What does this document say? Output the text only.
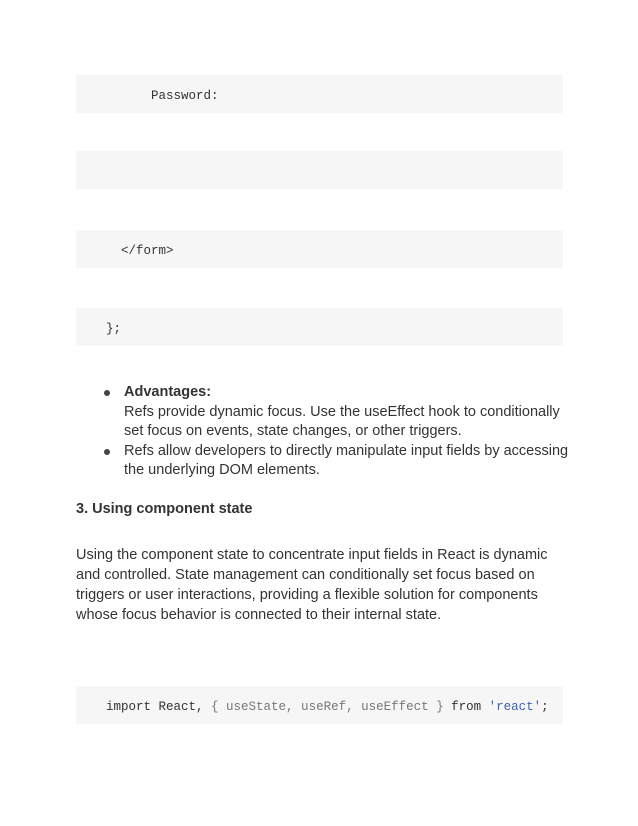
Password:

</form>

};

Advantages:
Refs provide dynamic focus. Use the useEffect hook to conditionally set focus on events, state changes, or other triggers.
Refs allow developers to directly manipulate input fields by accessing the underlying DOM elements.
3. Using component state

Using the component state to concentrate input fields in React is dynamic and controlled. State management can conditionally set focus based on triggers or user interactions, providing a flexible solution for components whose focus behavior is connected to their internal state.

import React, { useState, useRef, useEffect } from 'react';
